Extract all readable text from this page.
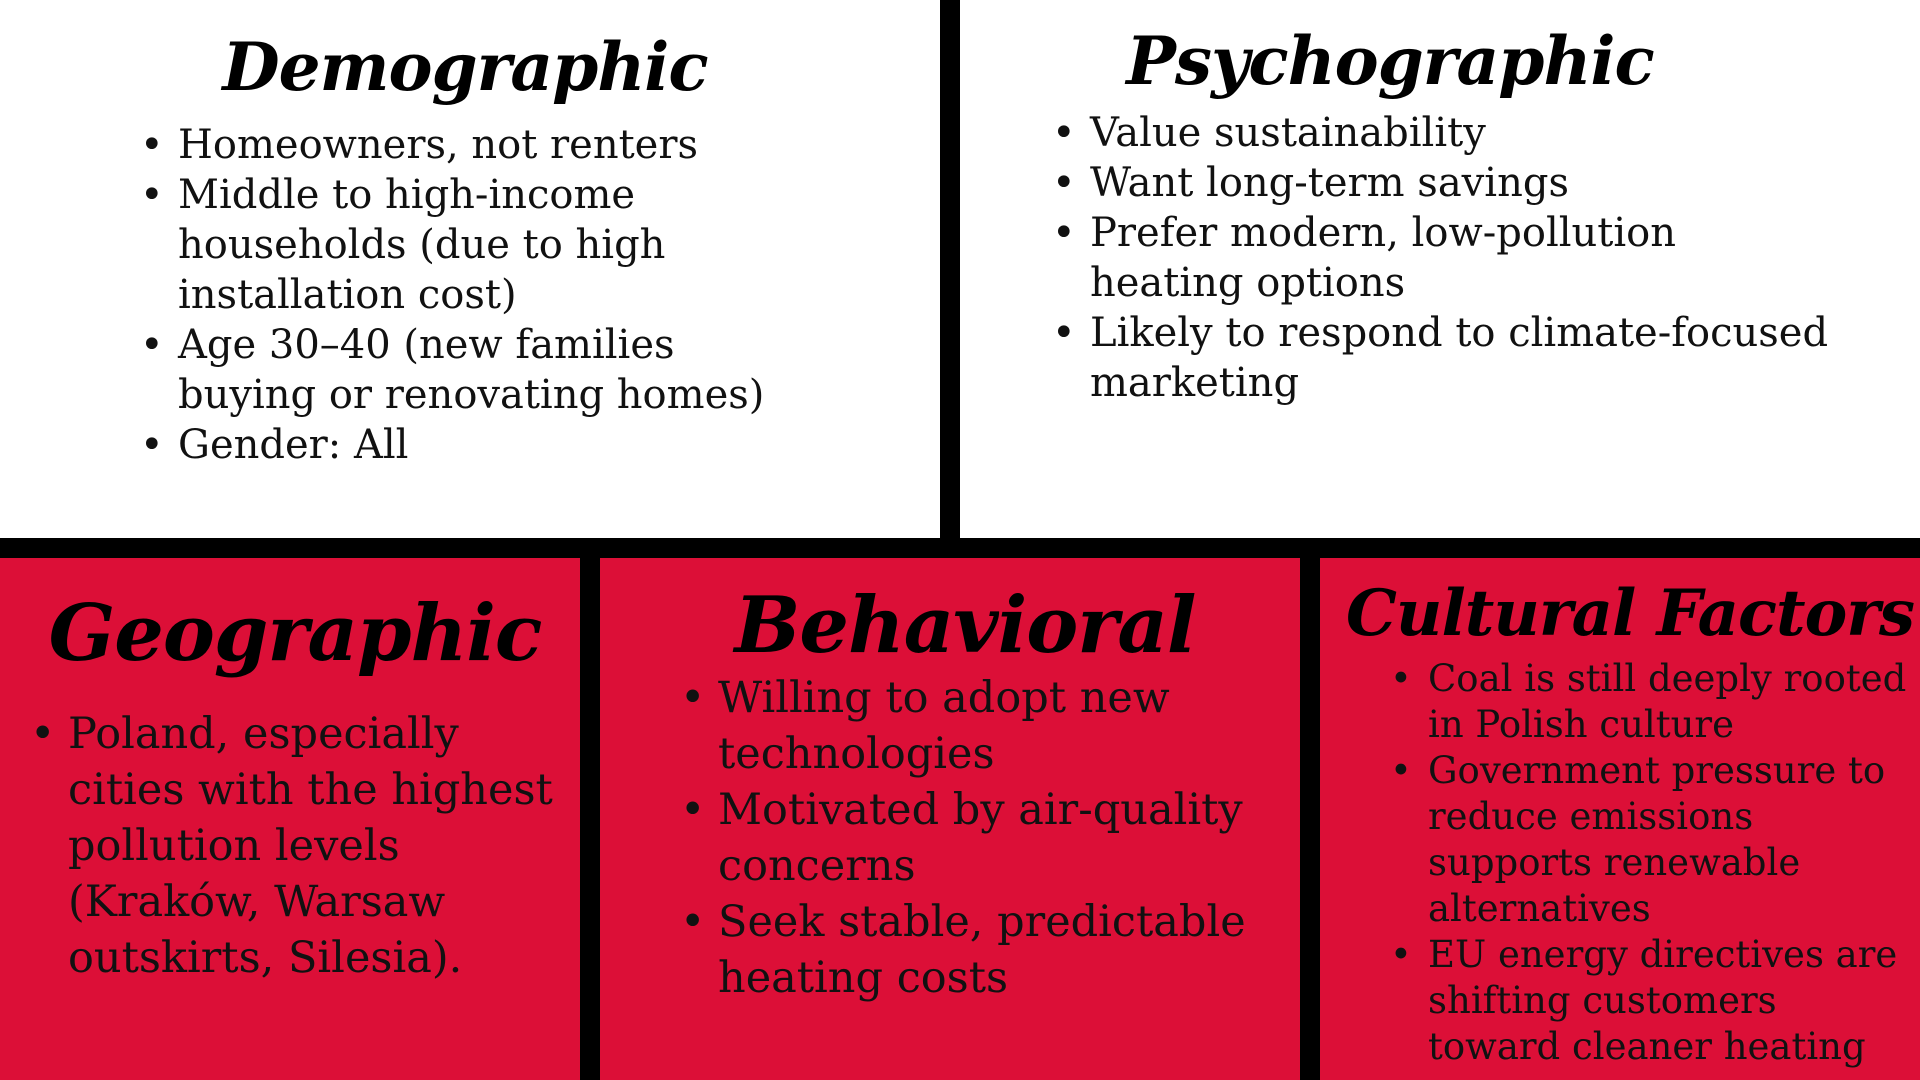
Demographic
• Homeowners, not renters
• Middle to high-income households (due to high installation cost)
• Age 30–40 (new families buying or renovating homes)
• Gender: All
Psychographic
• Value sustainability
• Want long-term savings
• Prefer modern, low-pollution heating options
• Likely to respond to climate-focused marketing
Geographic
• Poland, especially cities with the highest pollution levels (Kraków, Warsaw outskirts, Silesia).
Behavioral
• Willing to adopt new technologies
• Motivated by air-quality concerns
• Seek stable, predictable heating costs
Cultural Factors
• Coal is still deeply rooted in Polish culture
• Government pressure to reduce emissions supports renewable alternatives
• EU energy directives are shifting customers toward cleaner heating
